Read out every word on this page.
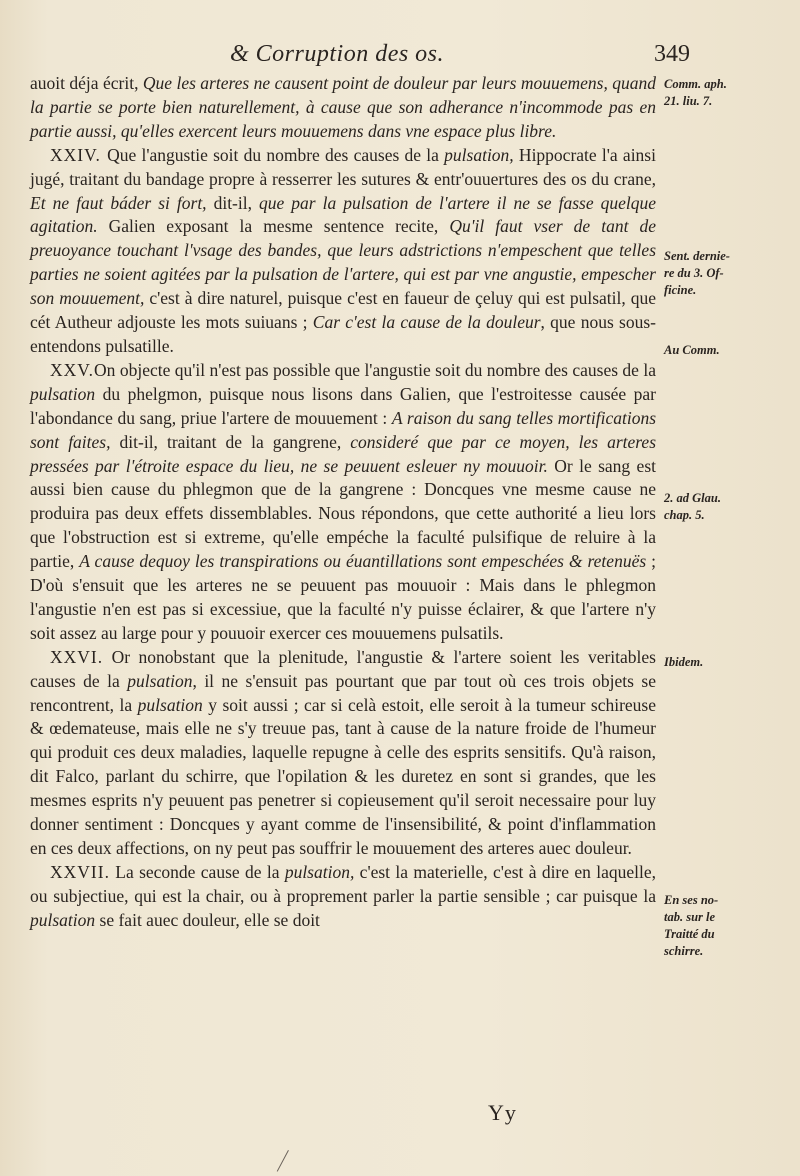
& Corruption des os.	349

auoit déja écrit, Que les arteres ne causent point de douleur par leurs mouuemens, quand la partie se porte bien naturellement, à cause que son adherance n'incommode pas en partie aussi, qu'elles exercent leurs mouuemens dans vne espace plus libre.

XXIV. Que l'angustie soit du nombre des causes de la pulsation, Hippocrate l'a ainsi jugé, traitant du bandage propre à resserrer les sutures & entr'ouuertures des os du crane, Et ne faut báder si fort, dit-il, que par la pulsation de l'artere il ne se fasse quelque agitation. Galien exposant la mesme sentence recite, Qu'il faut vser de tant de preuoyance touchant l'vsage des bandes, que leurs adstrictions n'empeschent que telles parties ne soient agitées par la pulsation de l'artere, qui est par vne angustie, empescher son mouuement, c'est à dire naturel, puisque c'est en faueur de çeluy qui est pulsatil, que cét Autheur adjouste les mots suiuans ; Car c'est la cause de la douleur, que nous sous-entendons pulsatille.

XXV.On objecte qu'il n'est pas possible que l'angustie soit du nombre des causes de la pulsation du phelgmon, puisque nous lisons dans Galien, que l'estroitesse causée par l'abondance du sang, priue l'artere de mouuement : A raison du sang telles mortifications sont faites, dit-il, traitant de la gangrene, consideré que par ce moyen, les arteres pressées par l'étroite espace du lieu, ne se peuuent esleuer ny mouuoir. Or le sang est aussi bien cause du phlegmon que de la gangrene : Doncques vne mesme cause ne produira pas deux effets dissemblables. Nous répondons, que cette authorité a lieu lors que l'obstruction est si extreme, qu'elle empéche la faculté pulsifique de reluire à la partie, A cause dequoy les transpirations ou éuantillations sont empeschées & retenuës ; D'où s'ensuit que les arteres ne se peuuent pas mouuoir : Mais dans le phlegmon l'angustie n'en est pas si excessiue, que la faculté n'y puisse éclairer, & que l'artere n'y soit assez au large pour y pouuoir exercer ces mouuemens pulsatils.

XXVI. Or nonobstant que la plenitude, l'angustie & l'artere soient les veritables causes de la pulsation, il ne s'ensuit pas pourtant que par tout où ces trois objets se rencontrent, la pulsation y soit aussi ; car si celà estoit, elle seroit à la tumeur schireuse & œdemateuse, mais elle ne s'y treuue pas, tant à cause de la nature froide de l'humeur qui produit ces deux maladies, laquelle repugne à celle des esprits sensitifs. Qu'à raison, dit Falco, parlant du schirre, que l'opilation & les duretez en sont si grandes, que les mesmes esprits n'y peuuent pas penetrer si copieusement qu'il seroit necessaire pour luy donner sentiment : Doncques y ayant comme de l'insensibilité, & point d'inflammation en ces deux affections, on ny peut pas souffrir le mouuement des arteres auec douleur.

XXVII. La seconde cause de la pulsation, c'est la materielle, c'est à dire en laquelle, ou subjectiue, qui est la chair, ou à proprement parler la partie sensible ; car puisque la pulsation se fait auec douleur, elle se doit

Comm. aph.
21. liu. 7.
Sent. dernie-
re du 3. Of-
ficine.
Au Comm.
2. ad Glau.
chap. 5.
Ibidem.
En ses no-
tab. sur le
Traitté du
schirre.
Yy
